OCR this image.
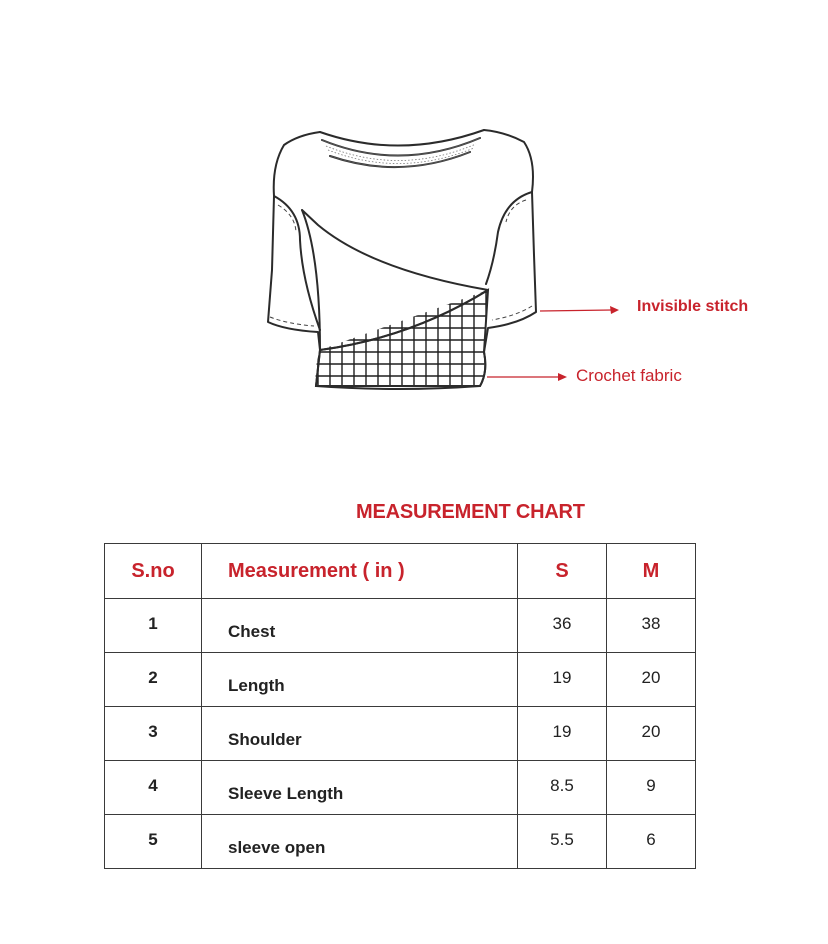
Invisible stitch
Crochet fabric
MEASUREMENT CHART
S.no	Measurement ( in )	S	M
1	Chest	36	38
2	Length	19	20
3	Shoulder	19	20
4	Sleeve Length	8.5	9
5	sleeve open	5.5	6
